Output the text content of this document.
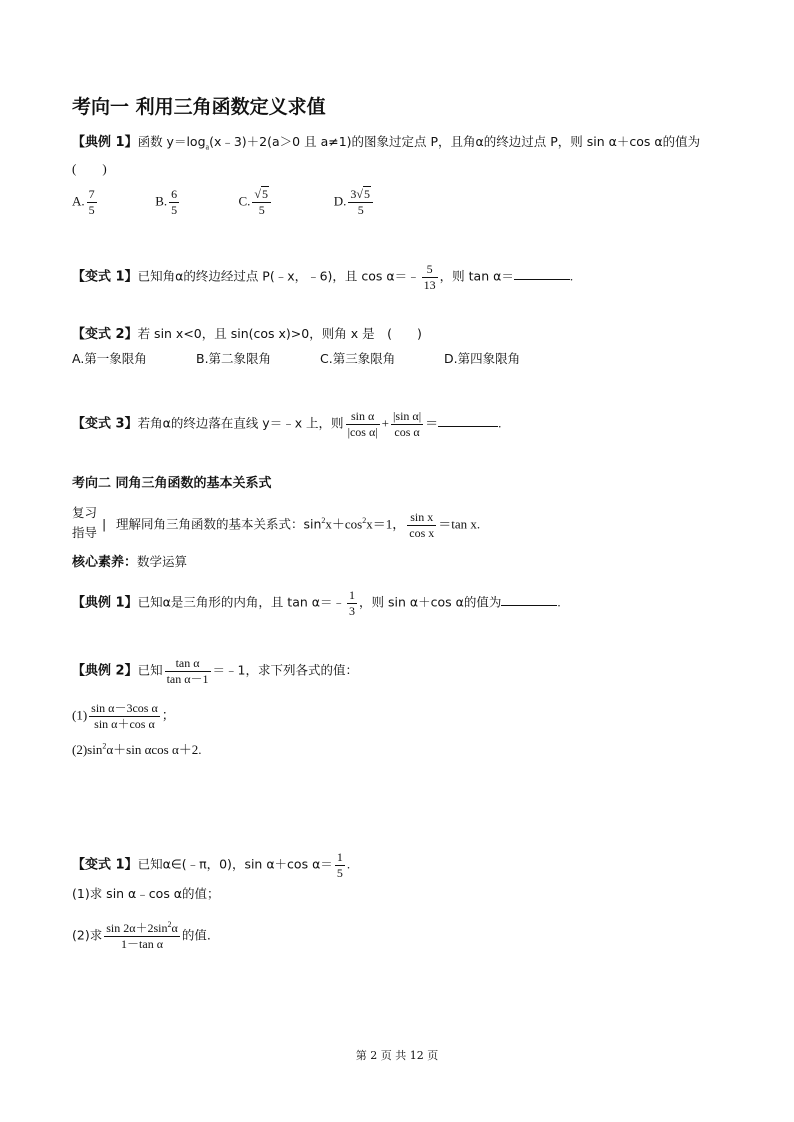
考向一 利用三角函数定义求值
【典例 1】函数 $y=\log_a(x﹣3)+2(a>0$ 且 a≠1)的图象过定点 P，且角α的终边过点 P，则 sin α＋cos α的值为
(　　)
A. $\frac{7}{5}$	B. $\frac{6}{5}$	C. $\frac{√5}{5}$	D. $\frac{3√5}{5}$
【变式 1】已知角α的终边经过点 P(﹣x，﹣6)，且 cos α＝﹣ $\frac{5}{13}$ ，则 tan α＝	.
【变式 2】若 sin x<0，且 sin(cos x)>0，则角 x 是　(　　)
A.第一象限角	B.第二象限角	C.第三象限角	D.第四象限角
【变式 3】若角α的终边落在直线 y＝﹣x 上，则 $\frac{\text{sin α}}{\text{|cos α|}} + \frac{\text{|sin α|}}{\text{cos α}}$ ＝	.
考向二 同角三角函数的基本关系式
复习
指导
| 理解同角三角函数的基本关系式：$\sin^2x+\cos^2x=1$， $\frac{\text{sin x}}{\text{cos x}} =\tan$ x.
核心素养：数学运算
【典例 1】已知α是三角形的内角，且 tan α＝﹣ $\frac{1}{3}$ ，则 sin α＋cos α的值为	.
【典例 2】已知 $\frac{\text{tan α}}{\text{tan α－1}}$ ＝﹣1，求下列各式的值：
$(1) \frac{\text{sin α－3cos α}}{\text{sin α＋cos α}}$ ；
$(2)\sin^2\alpha+\sin$ αcos α＋2.
【变式 1】已知α∈(﹣π，0)，sin α＋cos $\alpha= \frac{1}{5}$ .
(1)求 sin α﹣cos α的值；
(2)求 $\frac{\sin 2\alpha+2\sin^2\alpha}{\text{1－tan α}}$ 的值.
第 2 页 共 12 页
